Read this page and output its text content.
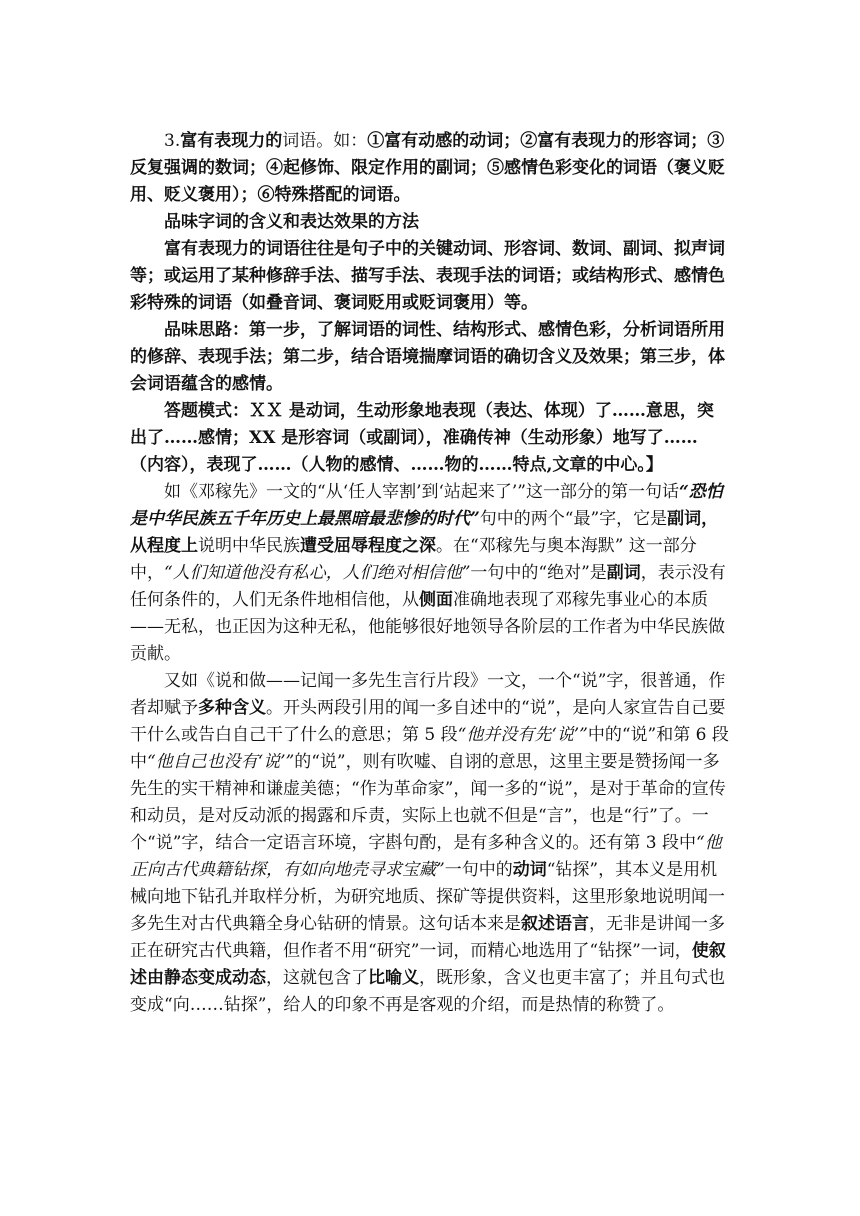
3.富有表现力的词语。如：①富有动感的动词；②富有表现力的形容词；③反复强调的数词；④起修饰、限定作用的副词；⑤感情色彩变化的词语（褒义贬用、贬义褒用）；⑥特殊搭配的词语。

品味字词的含义和表达效果的方法

富有表现力的词语往往是句子中的关键动词、形容词、数词、副词、拟声词等；或运用了某种修辞手法、描写手法、表现手法的词语；或结构形式、感情色彩特殊的词语（如叠音词、褒词贬用或贬词褒用）等。

品味思路：第一步，了解词语的词性、结构形式、感情色彩，分析词语所用的修辞、表现手法；第二步，结合语境揣摩词语的确切含义及效果；第三步，体会词语蕴含的感情。

答题模式：ＸＸ 是动词，生动形象地表现（表达、体现）了……意思，突出了……感情；XX 是形容词（或副词），准确传神（生动形象）地写了……（内容），表现了……（人物的感情、……物的……特点,文章的中心。】

如《邓稼先》一文的“从‘任人宰割’到‘站起来了’”这一部分的第一句话“恐怕是中华民族五千年历史上最黑暗最悲惨的时代”句中的两个“最”字，它是副词，从程度上说明中华民族遭受屈辱程度之深。在“邓稼先与奥本海默” 这一部分中，“人们知道他没有私心，人们绝对相信他”一句中的“绝对”是副词，表示没有任何条件的，人们无条件地相信他，从侧面准确地表现了邓稼先事业心的本质——无私，也正因为这种无私，他能够很好地领导各阶层的工作者为中华民族做贡献。

又如《说和做——记闻一多先生言行片段》一文，一个“说”字，很普通，作者却赋予多种含义。开头两段引用的闻一多自述中的“说”，是向人家宣告自己要干什么或告白自己干了什么的意思；第 5 段“他并没有先‘说’”中的“说”和第 6 段中“他自己也没有‘说’”的“说”，则有吹嘘、自诩的意思，这里主要是赞扬闻一多先生的实干精神和谦虚美德；“作为革命家”，闻一多的“说”，是对于革命的宣传和动员，是对反动派的揭露和斥责，实际上也就不但是“言”，也是“行”了。一个“说”字，结合一定语言环境，字斟句酌，是有多种含义的。还有第 3 段中“他正向古代典籍钻探，有如向地壳寻求宝藏”一句中的动词“钻探”，其本义是用机械向地下钻孔并取样分析，为研究地质、探矿等提供资料，这里形象地说明闻一多先生对古代典籍全身心钻研的情景。这句话本来是叙述语言，无非是讲闻一多正在研究古代典籍，但作者不用“研究”一词，而精心地选用了“钻探”一词，使叙述由静态变成动态，这就包含了比喻义，既形象，含义也更丰富了；并且句式也变成“向……钻探”，给人的印象不再是客观的介绍，而是热情的称赞了。
